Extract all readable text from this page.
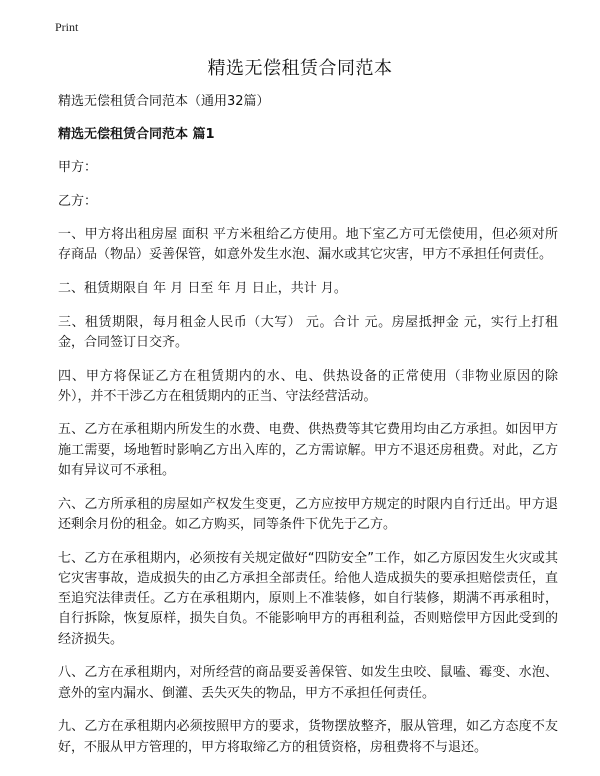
Print
精选无偿租赁合同范本

精选无偿租赁合同范本（通用32篇）

精选无偿租赁合同范本 篇1

甲方：

乙方：

一、甲方将出租房屋 面积 平方米租给乙方使用。地下室乙方可无偿使用，但必须对所存商品（物品）妥善保管，如意外发生水泡、漏水或其它灾害，甲方不承担任何责任。

二、租赁期限自 年 月 日至 年 月 日止，共计 月。

三、租赁期限，每月租金人民币（大写） 元。合计 元。房屋抵押金 元，实行上打租金，合同签订日交齐。

四、甲方将保证乙方在租赁期内的水、电、供热设备的正常使用（非物业原因的除外），并不干涉乙方在租赁期内的正当、守法经营活动。

五、乙方在承租期内所发生的水费、电费、供热费等其它费用均由乙方承担。如因甲方施工需要，场地暂时影响乙方出入库的，乙方需谅解。甲方不退还房租费。对此，乙方如有异议可不承租。

六、乙方所承租的房屋如产权发生变更，乙方应按甲方规定的时限内自行迁出。甲方退还剩余月份的租金。如乙方购买，同等条件下优先于乙方。

七、乙方在承租期内，必须按有关规定做好“四防安全”工作，如乙方原因发生火灾或其它灾害事故，造成损失的由乙方承担全部责任。给他人造成损失的要承担赔偿责任，直至追究法律责任。乙方在承租期内，原则上不准装修，如自行装修，期满不再承租时，自行拆除，恢复原样，损失自负。不能影响甲方的再租利益，否则赔偿甲方因此受到的经济损失。

八、乙方在承租期内，对所经营的商品要妥善保管、如发生虫咬、鼠嗑、霉变、水泡、意外的室内漏水、倒灌、丢失灭失的物品，甲方不承担任何责任。

九、乙方在承租期内必须按照甲方的要求，货物摆放整齐，服从管理，如乙方态度不友好，不服从甲方管理的，甲方将取缔乙方的租赁资格，房租费将不与退还。
